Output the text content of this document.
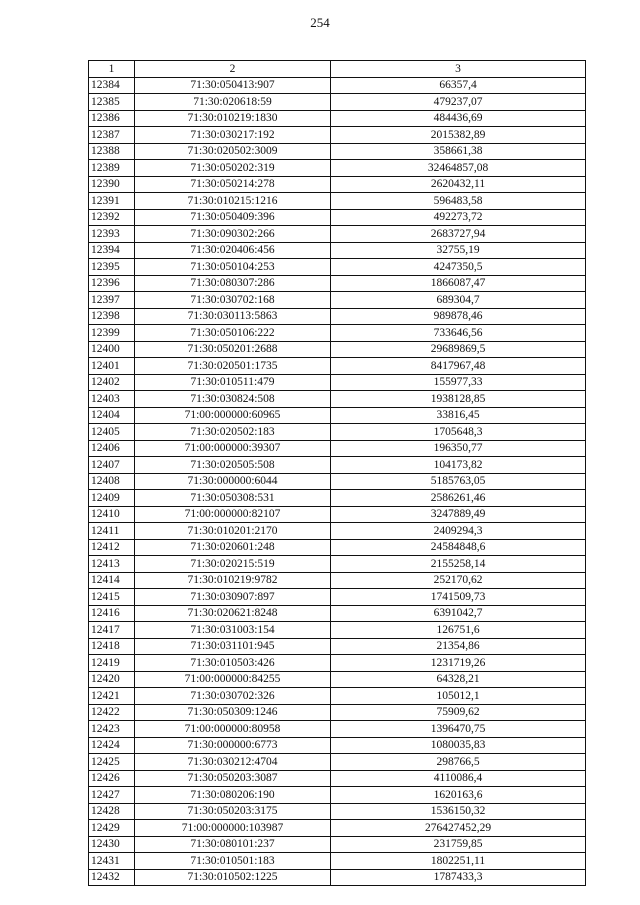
254
1	2	3
12384	71:30:050413:907	66357,4
12385	71:30:020618:59	479237,07
12386	71:30:010219:1830	484436,69
12387	71:30:030217:192	2015382,89
12388	71:30:020502:3009	358661,38
12389	71:30:050202:319	32464857,08
12390	71:30:050214:278	2620432,11
12391	71:30:010215:1216	596483,58
12392	71:30:050409:396	492273,72
12393	71:30:090302:266	2683727,94
12394	71:30:020406:456	32755,19
12395	71:30:050104:253	4247350,5
12396	71:30:080307:286	1866087,47
12397	71:30:030702:168	689304,7
12398	71:30:030113:5863	989878,46
12399	71:30:050106:222	733646,56
12400	71:30:050201:2688	29689869,5
12401	71:30:020501:1735	8417967,48
12402	71:30:010511:479	155977,33
12403	71:30:030824:508	1938128,85
12404	71:00:000000:60965	33816,45
12405	71:30:020502:183	1705648,3
12406	71:00:000000:39307	196350,77
12407	71:30:020505:508	104173,82
12408	71:30:000000:6044	5185763,05
12409	71:30:050308:531	2586261,46
12410	71:00:000000:82107	3247889,49
12411	71:30:010201:2170	2409294,3
12412	71:30:020601:248	24584848,6
12413	71:30:020215:519	2155258,14
12414	71:30:010219:9782	252170,62
12415	71:30:030907:897	1741509,73
12416	71:30:020621:8248	6391042,7
12417	71:30:031003:154	126751,6
12418	71:30:031101:945	21354,86
12419	71:30:010503:426	1231719,26
12420	71:00:000000:84255	64328,21
12421	71:30:030702:326	105012,1
12422	71:30:050309:1246	75909,62
12423	71:00:000000:80958	1396470,75
12424	71:30:000000:6773	1080035,83
12425	71:30:030212:4704	298766,5
12426	71:30:050203:3087	4110086,4
12427	71:30:080206:190	1620163,6
12428	71:30:050203:3175	1536150,32
12429	71:00:000000:103987	276427452,29
12430	71:30:080101:237	231759,85
12431	71:30:010501:183	1802251,11
12432	71:30:010502:1225	1787433,3
